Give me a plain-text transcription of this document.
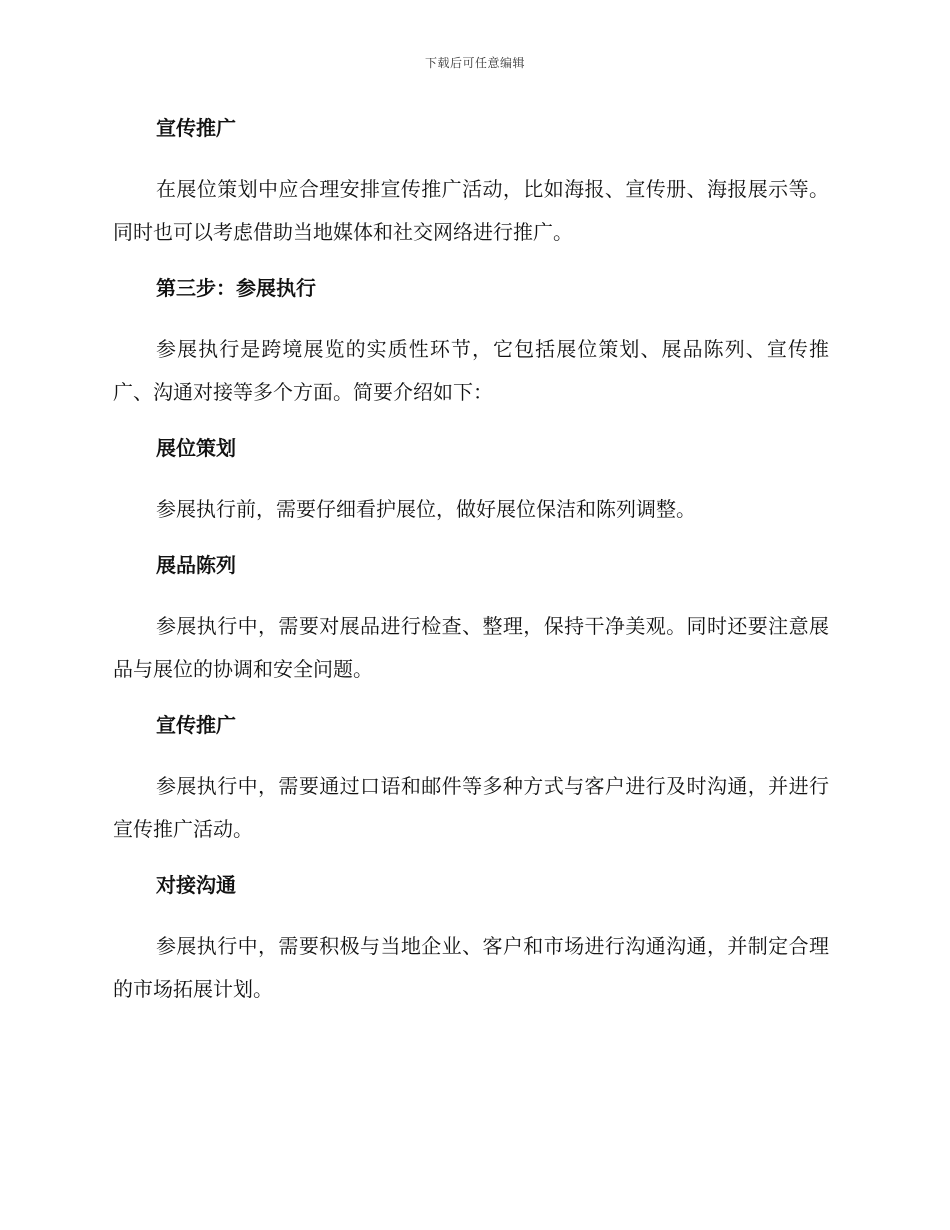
下载后可任意编辑
宣传推广
在展位策划中应合理安排宣传推广活动，比如海报、宣传册、海报展示等。同时也可以考虑借助当地媒体和社交网络进行推广。
第三步：参展执行
参展执行是跨境展览的实质性环节，它包括展位策划、展品陈列、宣传推广、沟通对接等多个方面。简要介绍如下：
展位策划
参展执行前，需要仔细看护展位，做好展位保洁和陈列调整。
展品陈列
参展执行中，需要对展品进行检查、整理，保持干净美观。同时还要注意展品与展位的协调和安全问题。
宣传推广
参展执行中，需要通过口语和邮件等多种方式与客户进行及时沟通，并进行宣传推广活动。
对接沟通
参展执行中，需要积极与当地企业、客户和市场进行沟通沟通，并制定合理的市场拓展计划。
